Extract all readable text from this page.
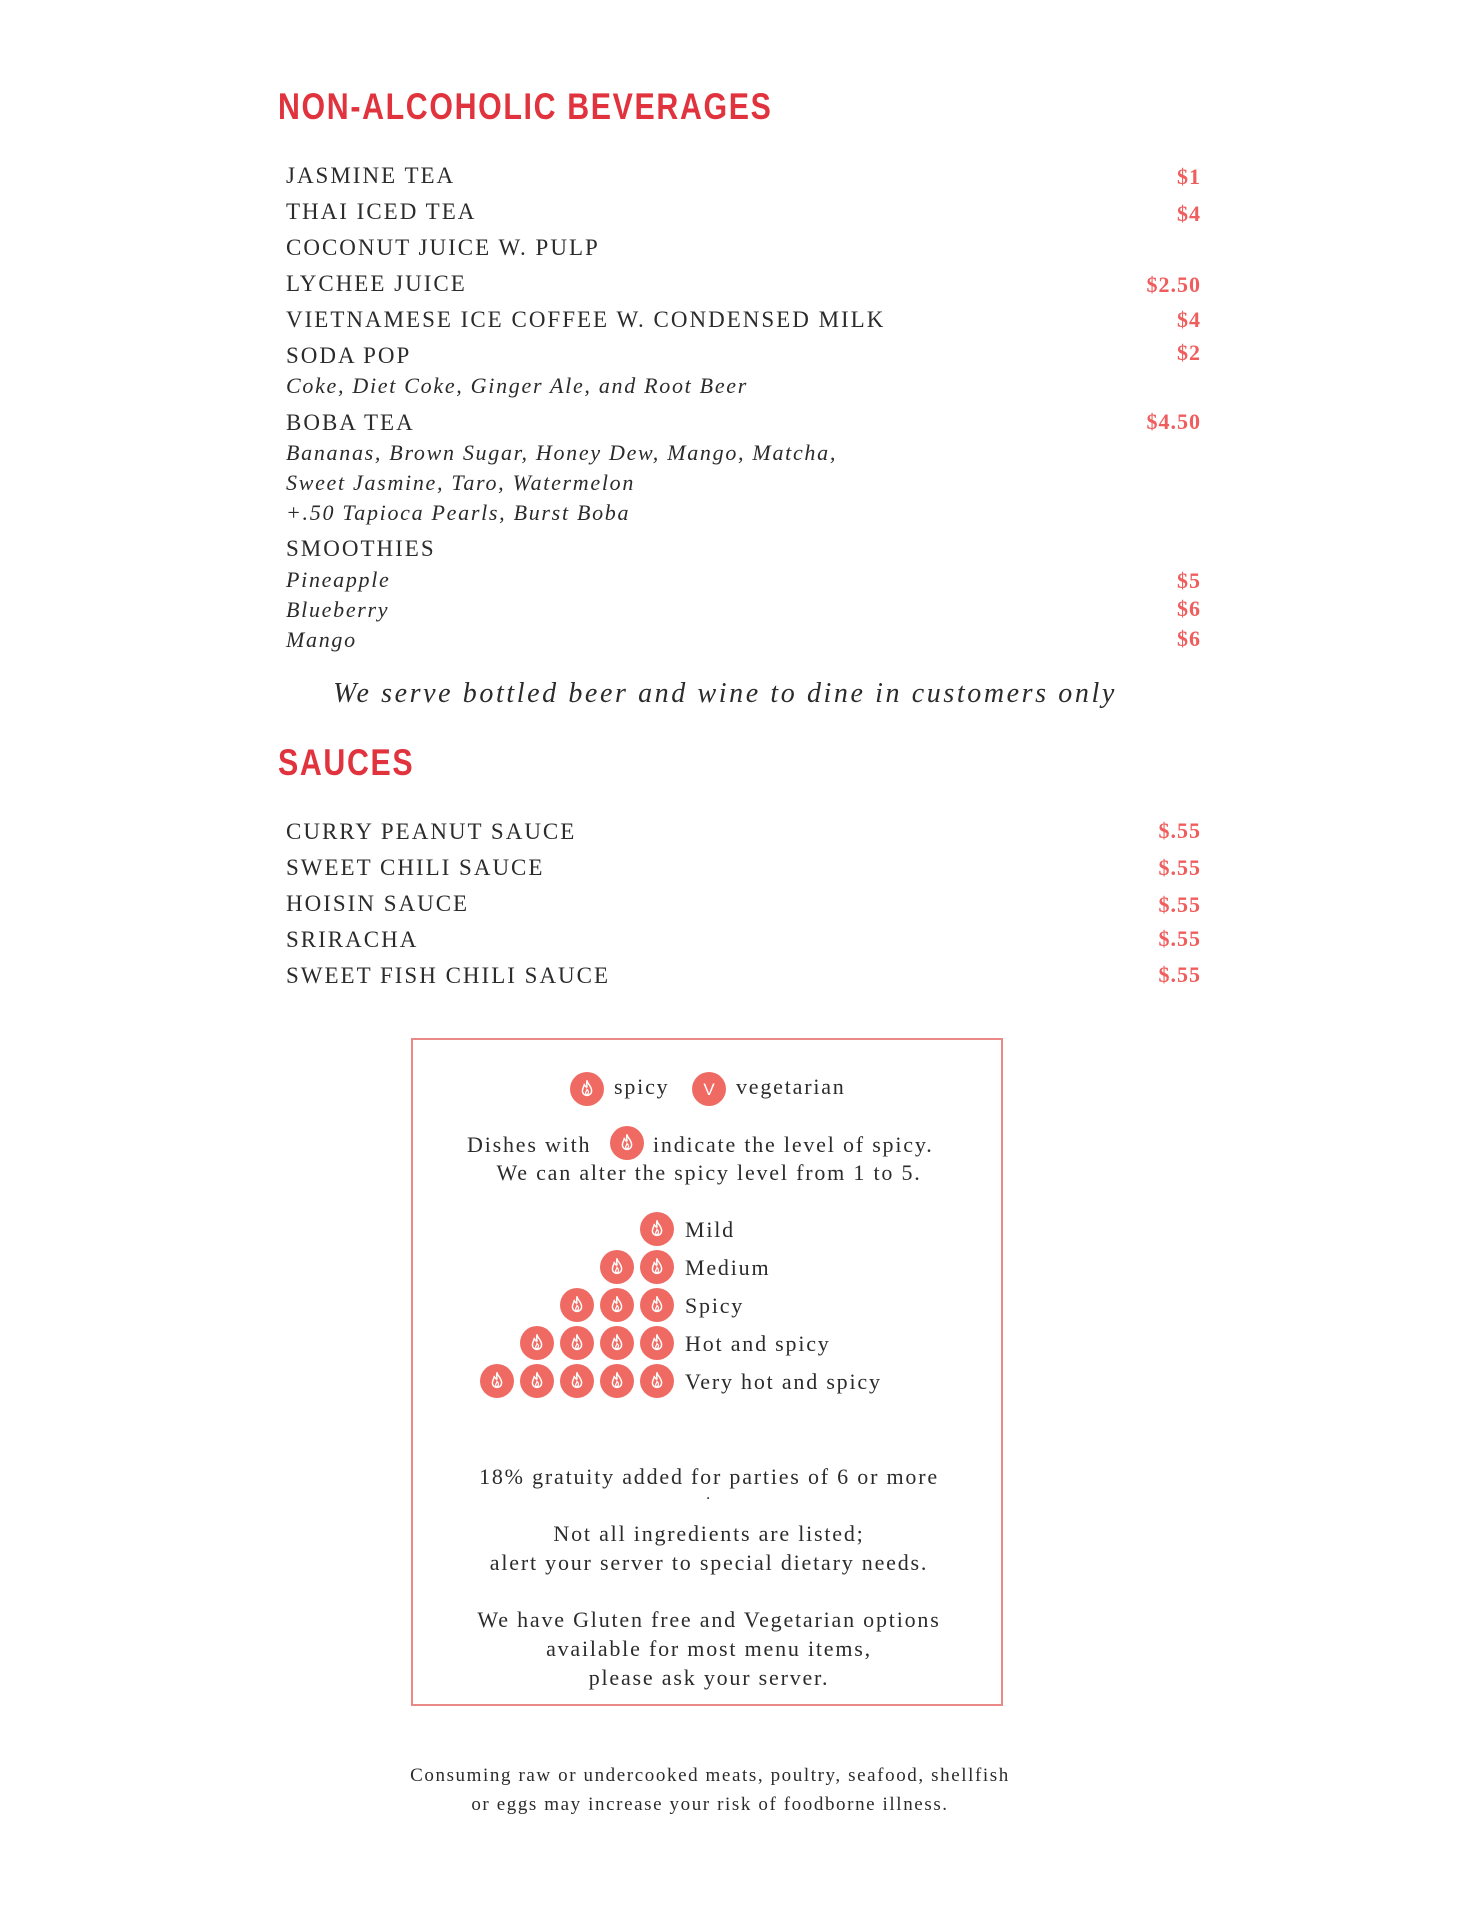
NON-ALCOHOLIC BEVERAGES
JASMINE TEA	$1
THAI ICED TEA	$4
COCONUT JUICE W. PULP
LYCHEE JUICE	$2.50
VIETNAMESE ICE COFFEE W. CONDENSED MILK	$4
SODA POP	$2
Coke, Diet Coke, Ginger Ale, and Root Beer
BOBA TEA	$4.50
Bananas, Brown Sugar, Honey Dew, Mango, Matcha,
Sweet Jasmine, Taro, Watermelon
+.50 Tapioca Pearls, Burst Boba
SMOOTHIES
Pineapple	$5
Blueberry	$6
Mango	$6
We serve bottled beer and wine to dine in customers only
SAUCES
CURRY PEANUT SAUCE	$.55
SWEET CHILI SAUCE	$.55
HOISIN SAUCE	$.55
SRIRACHA	$.55
SWEET FISH CHILI SAUCE	$.55
spicy V vegetarian
Dishes with	indicate the level of spicy.
We can alter the spicy level from 1 to 5.
Mild
Medium
Spicy
Hot and spicy
Very hot and spicy
18% gratuity added for parties of 6 or more
.
Not all ingredients are listed;
alert your server to special dietary needs.
We have Gluten free and Vegetarian options
available for most menu items,
please ask your server.
Consuming raw or undercooked meats, poultry, seafood, shellfish
or eggs may increase your risk of foodborne illness.
